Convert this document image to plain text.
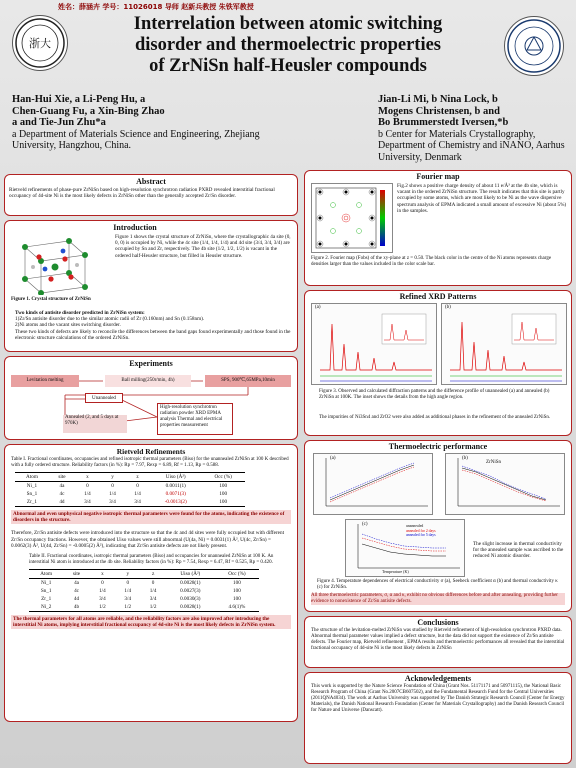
姓名：薛涵卉 学号：11026018 导师 赵新兵教授 朱铁军教授
浙大
Interrelation between atomic switching
disorder and thermoelectric properties
of ZrNiSn half-Heusler compounds
Han-Hui Xie, a Li-Peng Hu, a
Chen-Guang Fu, a Xin-Bing Zhao
a and Tie-Jun Zhu*a
a Department of Materials Science and Engineering, Zhejiang University, Hangzhou, China.
Jian-Li Mi, b Nina Lock, b
Mogens Christensen, b and
Bo Brummerstedt Iversen,*b
b Center for Materials Crystallography, Department of Chemistry and iNANO, Aarhus University, Denmark
Abstract
Rietveld refinements of phase-pure ZrNiSn based on high-resolution synchrotron radiation PXRD revealed interstitial fractional occupancy of 4d-site Ni is the most likely defects in ZrNiSn other than the generally accepted Zr/Sn disorder.
Introduction
Figure 1 shows the crystal structure of ZrNiSn, where the crystallographic 4a site (0, 0, 0) is occupied by Ni, while the 4c site (1/4, 1/4, 1/4) and 4d site (3/4, 3/4, 3/4) are occupied by Sn and Zr, respectively. The 4b site (1/2, 1/2, 1/2) is vacant in the ordered half-Heusler structure, but filled in Heusler structure.
Figure 1. Crystal structure of ZrNiSn
Two kinds of antisite disorder predicted in ZrNiSn system:
1)Zr/Sn antisite disorder due to the similar atomic radii of Zr (0.160nm) and Sn (0.158nm).
2)Ni atoms and the vacant sites switching disorder.
These two kinds of defects are likely to reconcile the differences between the band gaps found experimentally and those found in the electronic structure calculations of the ordered ZrNiSn.
Experiments
Levitation melting	Ball milling(250r/min, 4h)	SPS, 900℃,65MPa,10min
Unannealed
Annealed (2, and 5 days at 970K)
High-resolution synchrotron radiation powder XRD EPMA analysis Thermal and electrical properties measurement
Rietveld Refinements
Table I. Fractional coordinates, occupancies and refined isotropic thermal parameters (Biso) for the unannealed ZrNiSn at 100 K described with a fully ordered structure. Reliability factors (in %): Rp = 7.97, Rexp = 6.89, Rf = 1.13, Rp = 0.588.
Atom	site	x	y	z	Uiso (Å²)	Occ (%)
Ni_1	4a	0	0	0	0.0011(1)	100
Sn_1	4c	1/4	1/4	1/4	0.0071(3)	100
Zr_1	4d	3/4	3/4	3/4	-0.0013(2)	100
Abnormal and even unphysical negative isotropic thermal parameters were found for the atoms, indicating the existence of disorders in the structure.
Therefore, Zr/Sn antisite defects were introduced into the structure so that the 4c and 4d sites were fully occupied but with different Zr/Sn occupancy fractions. However, the obtained Uiso values were still abnormal (U(4a, Ni) = 0.0031(1) Å², U(4c, Zr/Sn) = 0.0062(3) Å², U(4d, Zr/Sn) = -0.0005(2) Å²), indicating that Zr/Sn antisite defects are not likely present.
Table II. Fractional coordinates, isotropic thermal parameters (Biso) and occupancies for unannealed ZrNiSn at 100 K. An interstitial Ni atom is introduced at the 4b site. Reliability factors (in %): Rp = 7.54, Rexp = 6.47, Rf = 0.525, Rp = 0.420.
Atom	site	x	y	z	Uiso (Å²)	Occ (%)
Ni_1	4a	0	0	0	0.0028(1)	100
Sn_1	4c	1/4	1/4	1/4	0.0027(3)	100
Zr_1	4d	3/4	3/4	3/4	0.0030(3)	100
Ni_2	4b	1/2	1/2	1/2	0.0028(1)	4.6(1)%
The thermal parameters for all atoms are reliable, and the reliability factors are also improved after introducing the interstitial Ni atoms, implying interstitial fractional occupancy of 4d-site Ni is the most likely defects in ZrNiSn system.
Fourier map
Fig.2 shows a positive charge density of about 11 e/Å³ at the 4b site, which is vacant in the ordered ZrNiSn structure. The result indicates that this site is partly occupied by some atoms, which are most likely to be Ni as the wave dispersive spectrum analysis of EPMA indicated a small amount of excessive Ni (about 5%) in the samples.
Figure 2. Fourier map (Fobs) of the xy-plane at z = 0.50. The black color in the centre of the Ni atoms represents charge densities larger than the values included in the color scale bar.
Refined XRD Patterns
(a)	(b)
Figure 3. Observed and calculated diffraction patterns and the difference profile of unannealed (a) and annealed (b) ZrNiSn at 100K. The inset shows the details from the high angle region.
The impurities of Ni3Sn4 and ZrO2 were also added as additional phases in the refinement of the annealed ZrNiSn.
Thermoelectric performance
(a)	(b)
ZrNiSn
(c)	unannealed
annealed for 2 days
annealed for 5 days
Temperature (K)
The slight increase in thermal conductivity for the annealed sample was ascribed to the reduced Ni atomic disorder.
Figure 4. Temperature dependences of electrical conductivity σ (a), Seebeck coefficient α (b) and thermal conductivity κ (c) for ZrNiSn.
All three thermoelectric parameters, σ, α and κ, exhibit no obvious differences before and after annealing, providing further evidence to nonexistence of Zr/Sn antisite defects.
Conclusions
The structure of the levitation-melted ZrNiSn was studied by Rietveld refinement of high-resolution synchrotron PXRD data. Abnormal thermal parameter values implied a defect structure, but the data did not support the existence of Zr/Sn antisite defects. The Fourier map, Rietveld refinement , EPMA results and thermoelectric performances all revealed that the interstitial fractional occupancy of 4d-site Ni is the most likely defects in ZrNiSn
Acknowledgements
This work is supported by the Nature Science Foundation of China (Grant Nos. 51171171 and 50971115), the National Basic Research Program of China (Grant No.2007CB607502), and the Fundamental Research Fund for the Central Universities (2011QNA4034). The work at Aarhus University was supported by The Danish Strategic Research Council (Center for Energy Materials), the Danish National Research Foundation (Center for Materials Crystallography) and the Danish Research Council for Nature and Universe (Danscatt).
